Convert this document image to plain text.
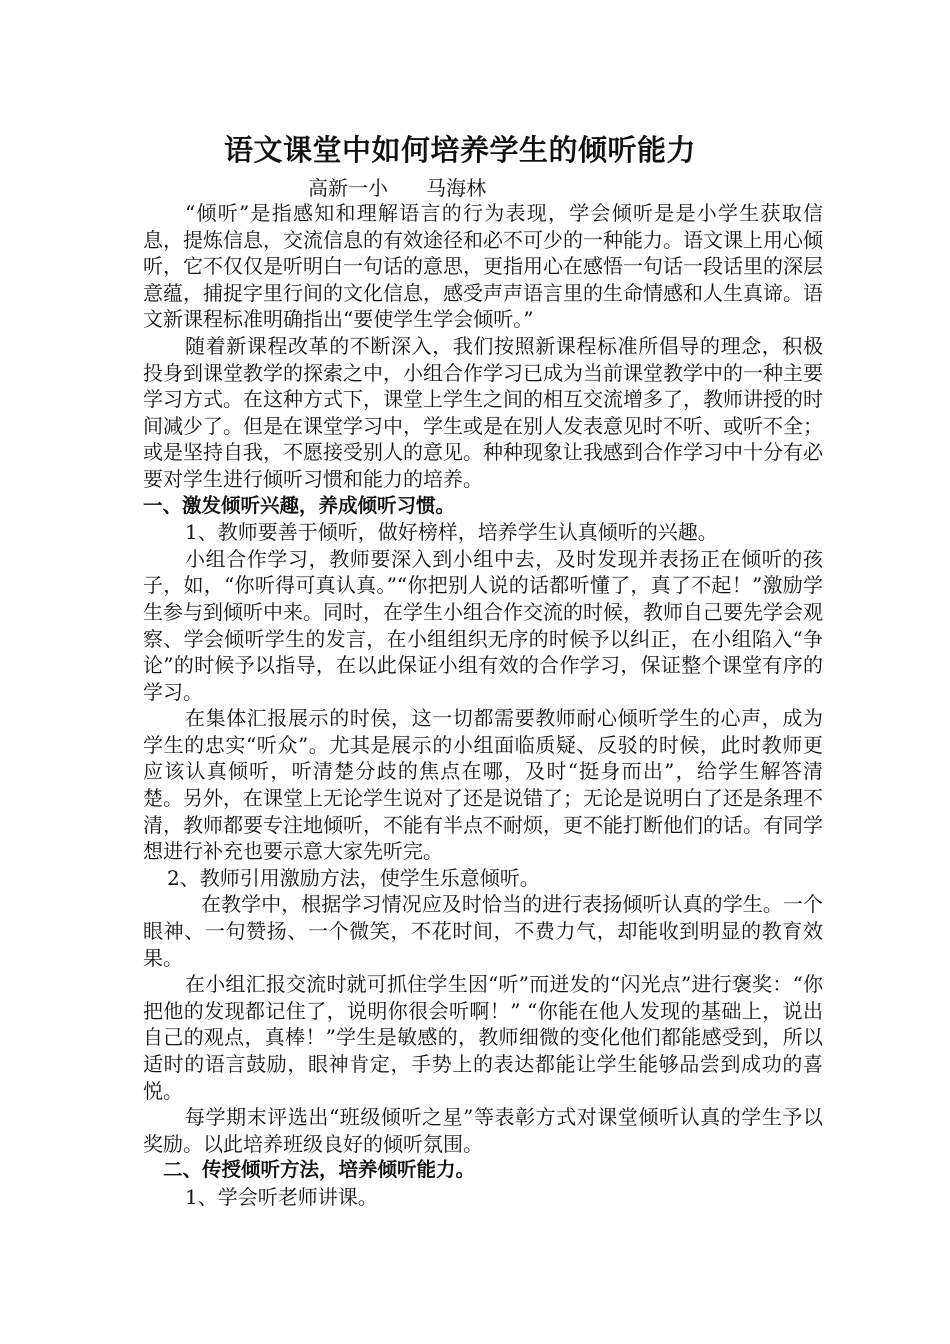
语文课堂中如何培养学生的倾听能力
高新一小      马海林

“倾听”是指感知和理解语言的行为表现，学会倾听是是小学生获取信息，提炼信息，交流信息的有效途径和必不可少的一种能力。语文课上用心倾听，它不仅仅是听明白一句话的意思，更指用心在感悟一句话一段话里的深层意蕴，捕捉字里行间的文化信息，感受声声语言里的生命情感和人生真谛。语文新课程标准明确指出“要使学生学会倾听。”

随着新课程改革的不断深入，我们按照新课程标准所倡导的理念，积极投身到课堂教学的探索之中，小组合作学习已成为当前课堂教学中的一种主要学习方式。在这种方式下，课堂上学生之间的相互交流增多了，教师讲授的时间减少了。但是在课堂学习中，学生或是在别人发表意见时不听、或听不全；或是坚持自我，不愿接受别人的意见。种种现象让我感到合作学习中十分有必要对学生进行倾听习惯和能力的培养。

一、激发倾听兴趣，养成倾听习惯。

1、教师要善于倾听，做好榜样，培养学生认真倾听的兴趣。

小组合作学习，教师要深入到小组中去，及时发现并表扬正在倾听的孩子，如，“你听得可真认真。”“你把别人说的话都听懂了，真了不起！”激励学生参与到倾听中来。同时，在学生小组合作交流的时候，教师自己要先学会观察、学会倾听学生的发言，在小组组织无序的时候予以纠正，在小组陷入“争论”的时候予以指导，在以此保证小组有效的合作学习，保证整个课堂有序的学习。

在集体汇报展示的时侯，这一切都需要教师耐心倾听学生的心声，成为学生的忠实“听众”。尤其是展示的小组面临质疑、反驳的时候，此时教师更应该认真倾听，听清楚分歧的焦点在哪，及时“挺身而出”，给学生解答清楚。另外，在课堂上无论学生说对了还是说错了；无论是说明白了还是条理不清，教师都要专注地倾听，不能有半点不耐烦，更不能打断他们的话。有同学想进行补充也要示意大家先听完。

2、教师引用激励方法，使学生乐意倾听。

在教学中，根据学习情况应及时恰当的进行表扬倾听认真的学生。一个眼神、一句赞扬、一个微笑，不花时间，不费力气，却能收到明显的教育效果。

在小组汇报交流时就可抓住学生因“听”而迸发的“闪光点”进行褒奖：“你把他的发现都记住了，说明你很会听啊！” “你能在他人发现的基础上，说出自己的观点，真棒！”学生是敏感的，教师细微的变化他们都能感受到，所以适时的语言鼓励，眼神肯定，手势上的表达都能让学生能够品尝到成功的喜悦。

每学期末评选出“班级倾听之星”等表彰方式对课堂倾听认真的学生予以奖励。以此培养班级良好的倾听氛围。

二、传授倾听方法，培养倾听能力。

1、学会听老师讲课。
